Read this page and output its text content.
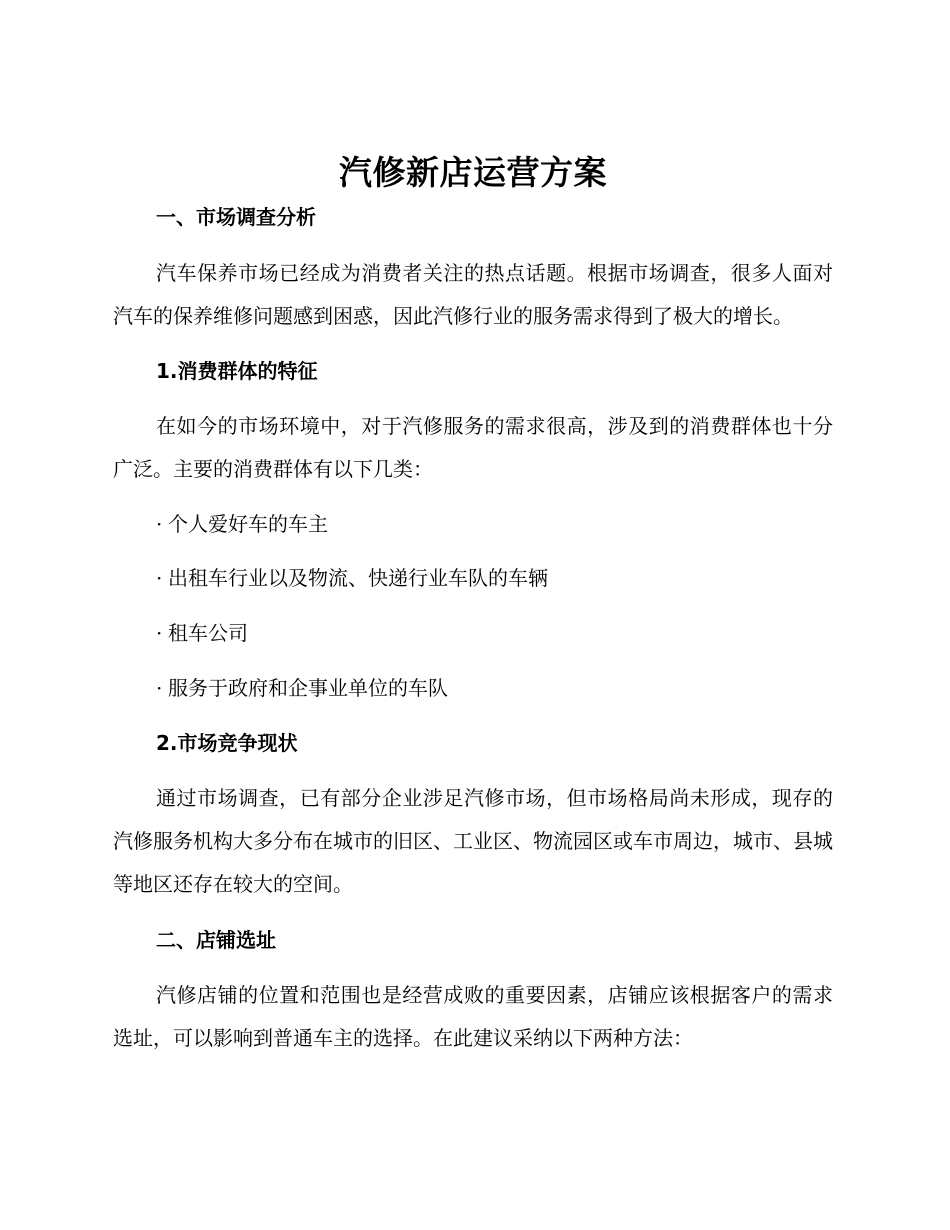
汽修新店运营方案
一、市场调查分析

汽车保养市场已经成为消费者关注的热点话题。根据市场调查，很多人面对汽车的保养维修问题感到困惑，因此汽修行业的服务需求得到了极大的增长。

1.消费群体的特征

在如今的市场环境中，对于汽修服务的需求很高，涉及到的消费群体也十分广泛。主要的消费群体有以下几类：

· 个人爱好车的车主
· 出租车行业以及物流、快递行业车队的车辆
· 租车公司
· 服务于政府和企事业单位的车队
2.市场竞争现状

通过市场调查，已有部分企业涉足汽修市场，但市场格局尚未形成，现存的汽修服务机构大多分布在城市的旧区、工业区、物流园区或车市周边，城市、县城等地区还存在较大的空间。

二、店铺选址

汽修店铺的位置和范围也是经营成败的重要因素，店铺应该根据客户的需求选址，可以影响到普通车主的选择。在此建议采纳以下两种方法：
